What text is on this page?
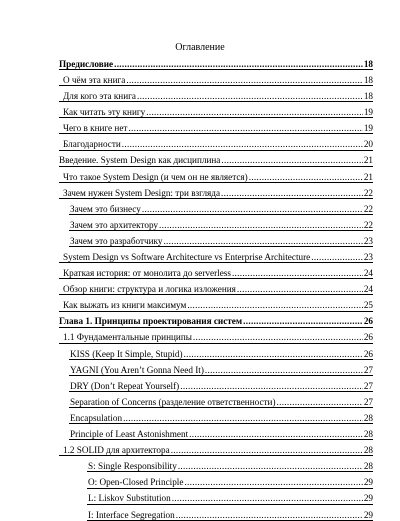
Оглавление
Предисловие .....	18
О чём эта книга .....	18
Для кого эта книга .....	18
Как читать эту книгу .....	19
Чего в книге нет .....	19
Благодарности .....	20
Введение. System Design как дисциплина .....	21
Что такое System Design (и чем он не является) .....	21
Зачем нужен System Design: три взгляда .....	22
Зачем это бизнесу .....	22
Зачем это архитектору .....	22
Зачем это разработчику .....	23
System Design vs Software Architecture vs Enterprise Architecture .....	23
Краткая история: от монолита до serverless .....	24
Обзор книги: структура и логика изложения .....	24
Как выжать из книги максимум .....	25
Глава 1. Принципы проектирования систем .....	26
1.1 Фундаментальные принципы .....	26
KISS (Keep It Simple, Stupid) .....	26
YAGNI (You Aren’t Gonna Need It) .....	27
DRY (Don’t Repeat Yourself) .....	27
Separation of Concerns (разделение ответственности) .....	27
Encapsulation .....	28
Principle of Least Astonishment .....	28
1.2 SOLID для архитектора .....	28
S: Single Responsibility .....	28
O: Open-Closed Principle .....	29
L: Liskov Substitution .....	29
I: Interface Segregation .....	29
